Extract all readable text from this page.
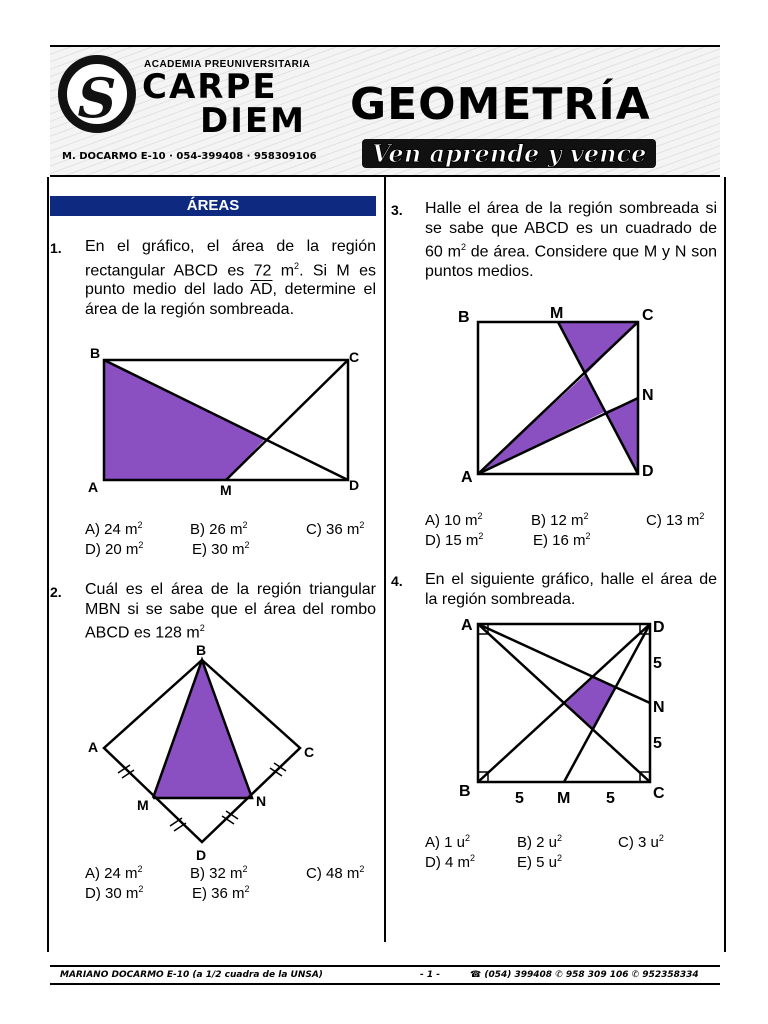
S
ACADEMIA PREUNIVERSITARIA
CARPE
DIEM
M. DOCARMO E-10 · 054-399408 · 958309106
GEOMETRÍA
Ven aprende y vence
ÁREAS
1. En el gráfico, el área de la región rectangular ABCD es 72 $m^2$. Si M es punto medio del lado $\overline{AD}$, determine el área de la región sombreada.
B	C
A	M	D
A) 24 $m^2$	B) 26 $m^2$	C) 36 $m^2$
D) 20 $m^2$	E) 30 $m^2$
2. Cuál es el área de la región triangular MBN si se sabe que el área del rombo ABCD es 128 $m^2$
B
A	C
M	N
D
A) 24 $m^2$	B) 32 $m^2$	C) 48 $m^2$
D) 30 $m^2$	E) 36 $m^2$
3. Halle el área de la región sombreada si se sabe que ABCD es un cuadrado de 60 $m^2$ de área. Considere que M y N son puntos medios.
B	M	C
N
A	D
A) 10 $m^2$	B) 12 $m^2$	C) 13 $m^2$
D) 15 $m^2$	E) 16 $m^2$
4. En el siguiente gráfico, halle el área de la región sombreada.
A	D
5
N
5
B	5 M 5 C
A) 1 $u^2$	B) 2 $u^2$	C) 3 $u^2$
D) 4 $m^2$	E) 5 $u^2$
MARIANO DOCARMO E-10 (a 1/2 cuadra de la UNSA)	- 1 -	☎ (054) 399408 ✆ 958 309 106 ✆ 952358334
